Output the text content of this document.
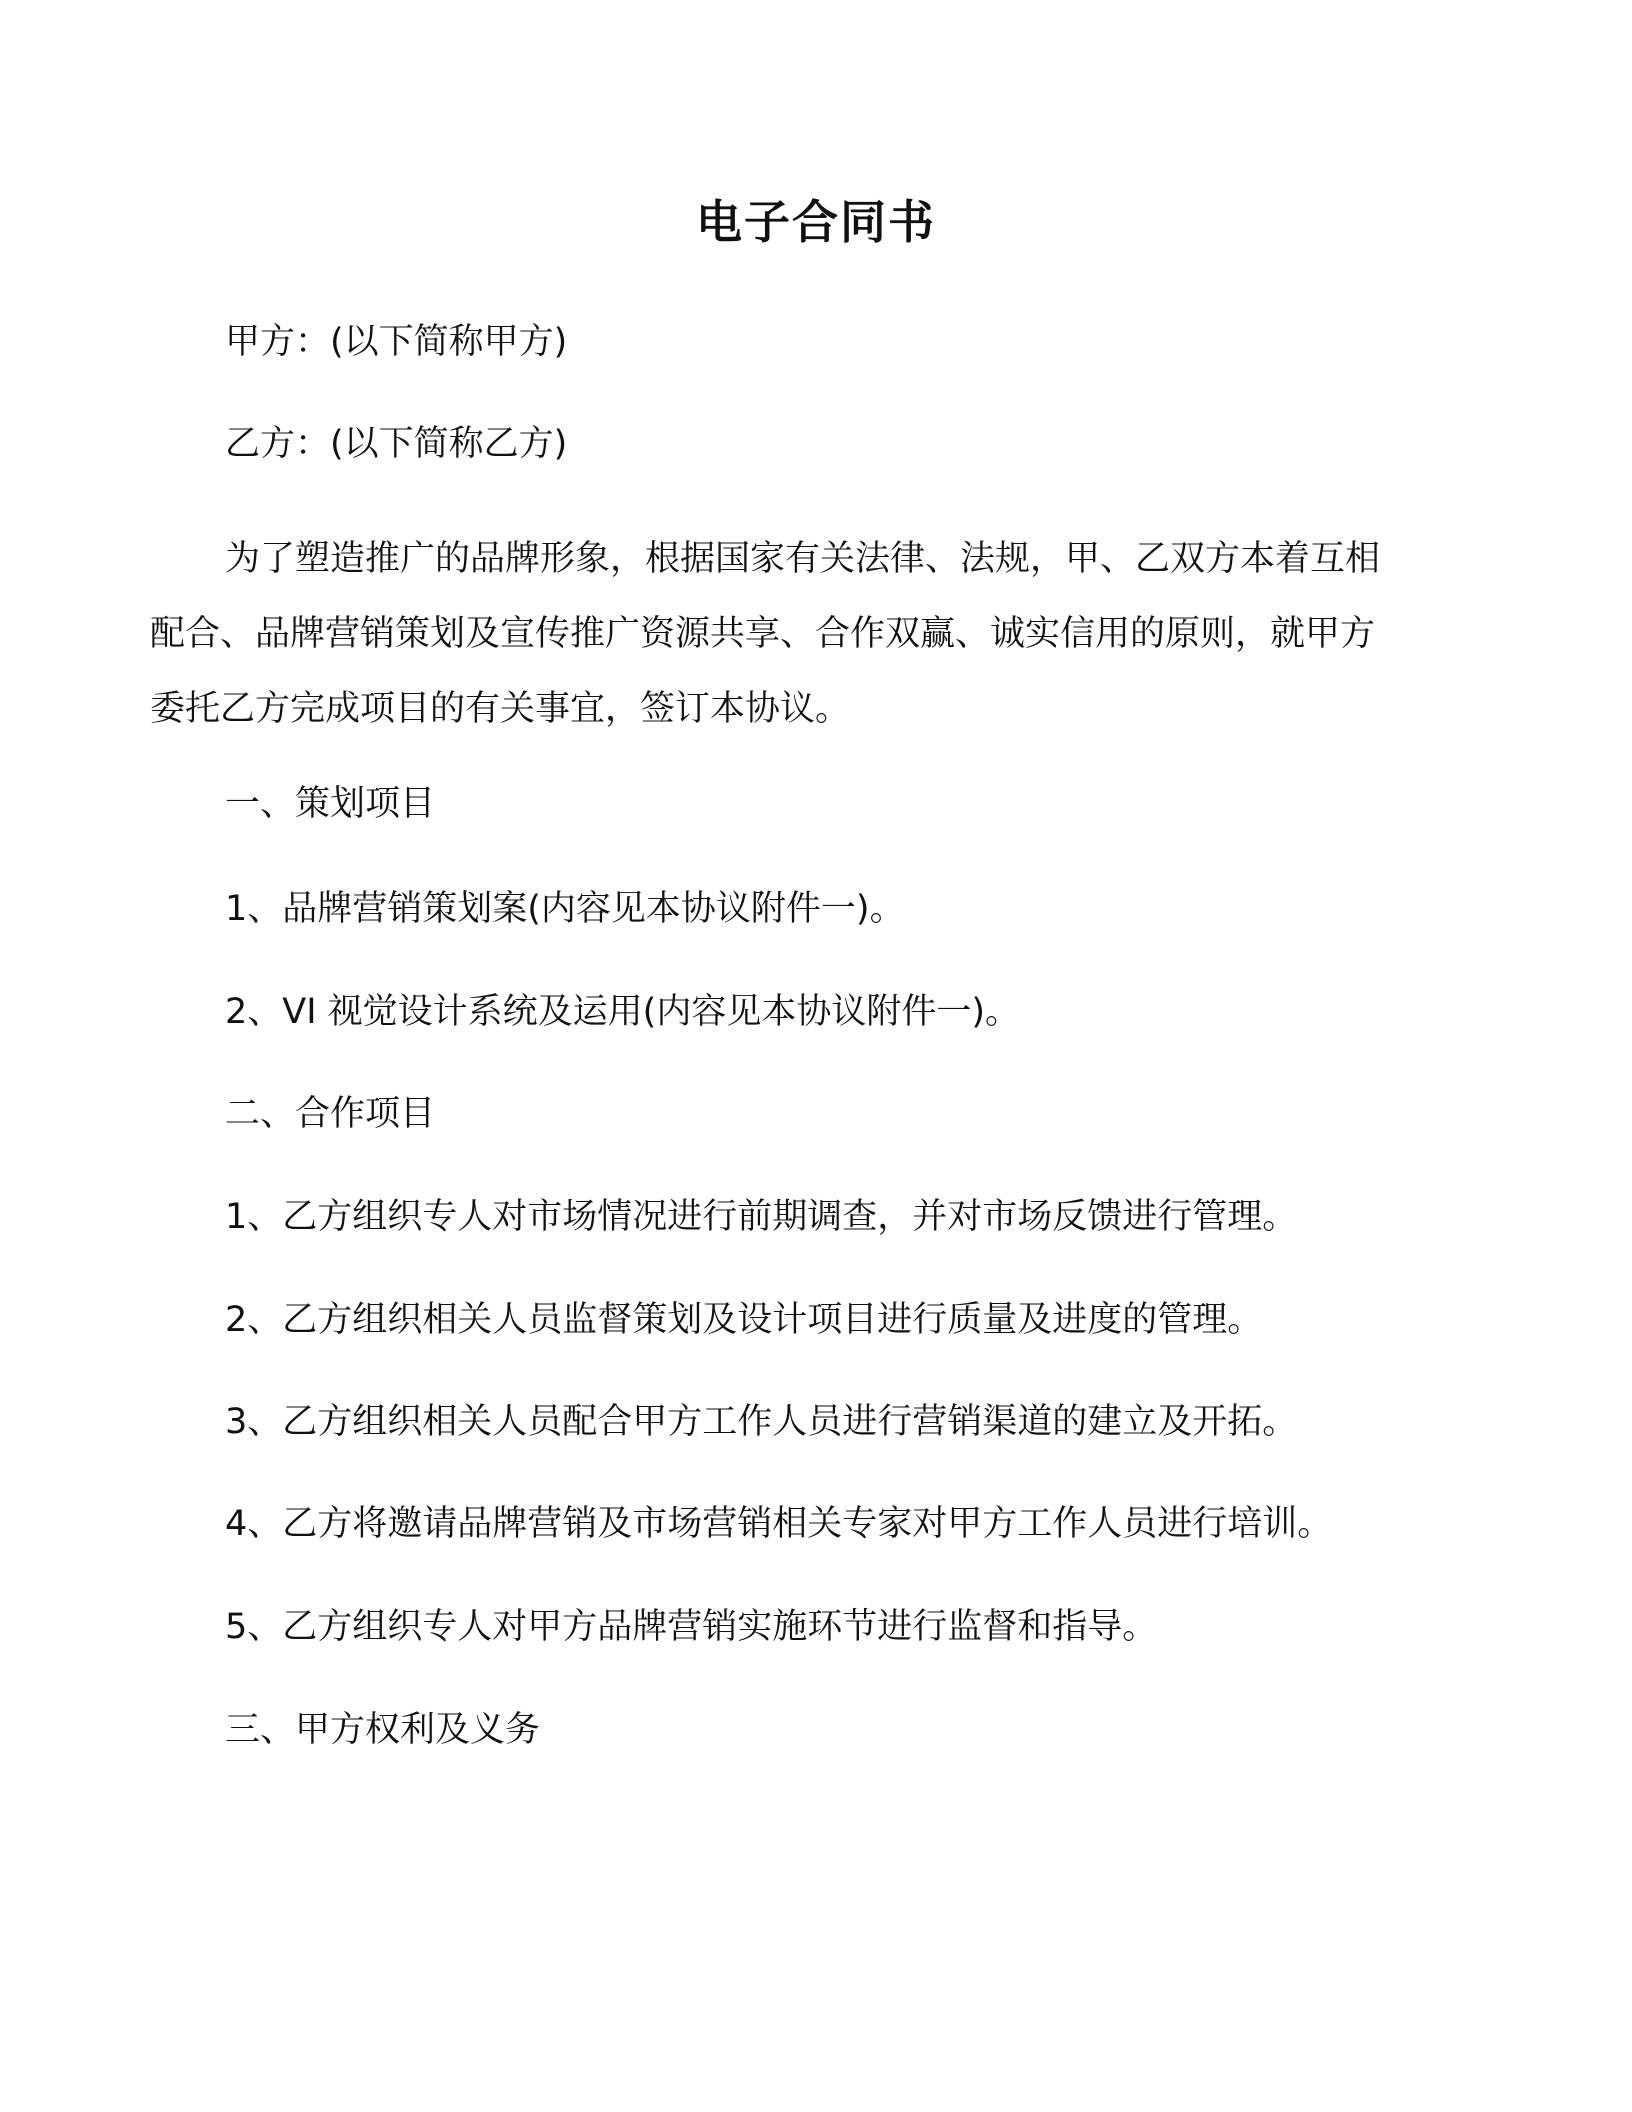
电子合同书
甲方：(以下简称甲方)
乙方：(以下简称乙方)
为了塑造推广的品牌形象，根据国家有关法律、法规，甲、乙双方本着互相
配合、品牌营销策划及宣传推广资源共享、合作双赢、诚实信用的原则，就甲方
委托乙方完成项目的有关事宜，签订本协议。
一、策划项目
1、品牌营销策划案(内容见本协议附件一)。
2、VI 视觉设计系统及运用(内容见本协议附件一)。
二、合作项目
1、乙方组织专人对市场情况进行前期调查，并对市场反馈进行管理。
2、乙方组织相关人员监督策划及设计项目进行质量及进度的管理。
3、乙方组织相关人员配合甲方工作人员进行营销渠道的建立及开拓。
4、乙方将邀请品牌营销及市场营销相关专家对甲方工作人员进行培训。
5、乙方组织专人对甲方品牌营销实施环节进行监督和指导。
三、甲方权利及义务
